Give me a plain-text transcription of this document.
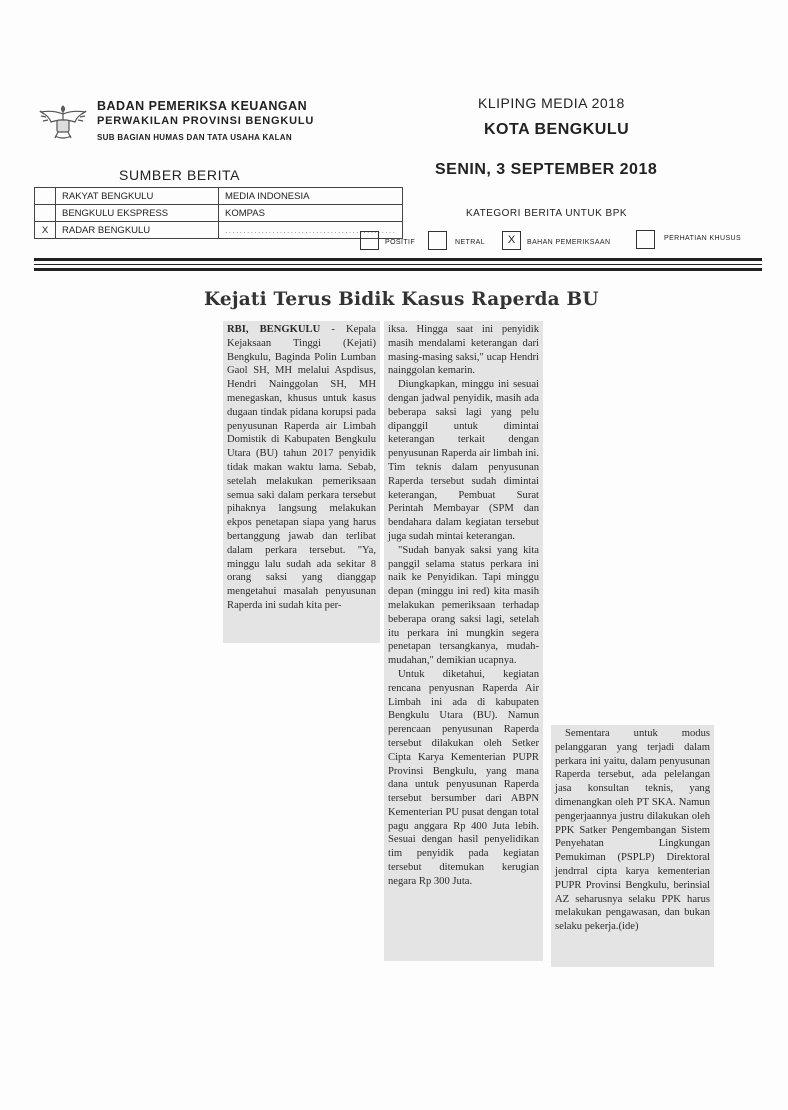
BADAN PEMERIKSA KEUANGAN
PERWAKILAN PROVINSI BENGKULU
SUB BAGIAN HUMAS DAN TATA USAHA KALAN
KLIPING MEDIA 2018
KOTA BENGKULU
SENIN, 3 SEPTEMBER 2018
SUMBER BERITA
	RAKYAT BENGKULU	MEDIA INDONESIA
	BENGKULU EKSPRESS	KOMPAS
X	RADAR BENGKULU	...............................................
KATEGORI BERITA UNTUK BPK
POSITIF	NETRAL	X	BAHAN PEMERIKSAAN
PERHATIAN KHUSUS
Kejati Terus Bidik Kasus Raperda BU

RBI, BENGKULU - Kepala Kejaksaan Tinggi (Kejati) Bengkulu, Baginda Polin Lumban Gaol SH, MH melalui Aspdisus, Hendri Nainggolan SH, MH menegaskan, khusus untuk kasus dugaan tindak pidana korupsi pada penyusunan Raperda air Limbah Domistik di Kabupaten Bengkulu Utara (BU) tahun 2017 penyidik tidak makan waktu lama. Sebab, setelah melakukan pemeriksaan semua saki dalam perkara tersebut pihaknya langsung melakukan ekpos penetapan siapa yang harus bertanggung jawab dan terlibat dalam perkara tersebut. "Ya, minggu lalu sudah ada sekitar 8 orang saksi yang dianggap mengetahui masalah penyusunan Raperda ini sudah kita per-

iksa. Hingga saat ini penyidik masih mendalami keterangan dari masing-masing saksi," ucap Hendri nainggolan kemarin.

Diungkapkan, minggu ini sesuai dengan jadwal penyidik, masih ada beberapa saksi lagi yang pelu dipanggil untuk dimintai keterangan terkait dengan penyusunan Raperda air limbah ini. Tim teknis dalam penyusunan Raperda tersebut sudah dimintai keterangan, Pembuat Surat Perintah Membayar (SPM dan bendahara dalam kegiatan tersebut juga sudah mintai keterangan.

"Sudah banyak saksi yang kita panggil selama status perkara ini naik ke Penyidikan. Tapi minggu depan (minggu ini red) kita masih melakukan pemeriksaan terhadap beberapa orang saksi lagi, setelah itu perkara ini mungkin segera penetapan tersangkanya, mudah-mudahan," demikian ucapnya.

Untuk diketahui, kegiatan rencana penyusnan Raperda Air Limbah ini ada di kabupaten Bengkulu Utara (BU). Namun perencaan penyusunan Raperda tersebut dilakukan oleh Setker Cipta Karya Kementerian PUPR Provinsi Bengkulu, yang mana dana untuk penyusunan Raperda tersebut bersumber dari ABPN Kementerian PU pusat dengan total pagu anggara Rp 400 Juta lebih. Sesuai dengan hasil penyelidikan tim penyidik pada kegiatan tersebut ditemukan kerugian negara Rp 300 Juta.

Sementara untuk modus pelanggaran yang terjadi dalam perkara ini yaitu, dalam penyusunan Raperda tersebut, ada pelelangan jasa konsultan teknis, yang dimenangkan oleh PT SKA. Namun pengerjaannya justru dilakukan oleh PPK Satker Pengembangan Sistem Penyehatan Lingkungan Pemukiman (PSPLP) Direktoral jendrral cipta karya kementerian PUPR Provinsi Bengkulu, berinsial AZ seharusnya selaku PPK harus melakukan pengawasan, dan bukan selaku pekerja.(ide)
